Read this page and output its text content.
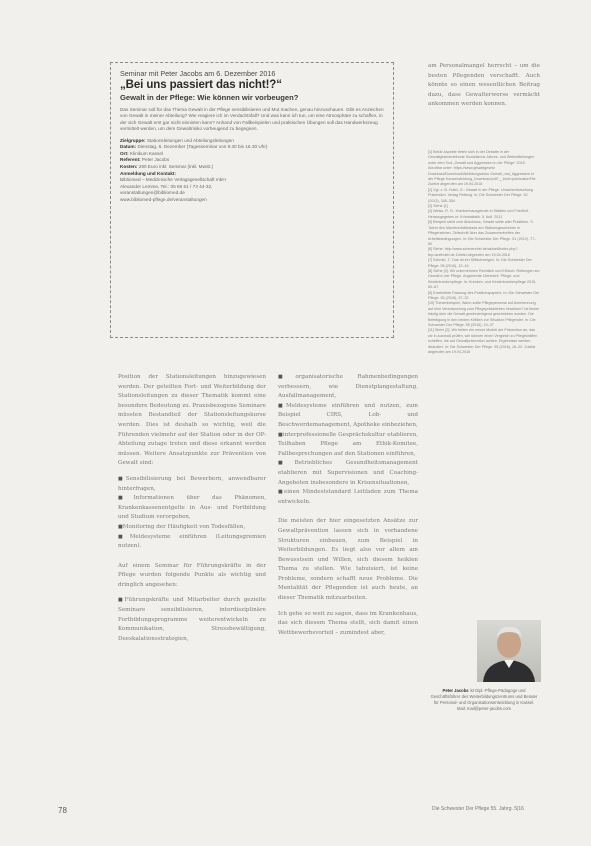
Seminar mit Peter Jacobs am 6. Dezember 2016
„Bei uns passiert das nicht!?“
Gewalt in der Pflege: Wie können wir vorbeugen?
Das Seminar soll für das Thema Gewalt in der Pflege sensibilisieren und Mut machen, genau hinzuschauen. Gibt es Anzeichen von Gewalt in meiner Abteilung? Wie reagiere ich im Verdachtsfall? Und was kann ich tun, um eine Atmosphäre zu schaffen, in der sich Gewalt erst gar nicht einnisten kann? Anhand von Fallbeispielen und praktischen Übungen soll das Handwerkszeug vermittelt werden, um dem Gewaltrisiko vorbeugend zu begegnen.
Zielgruppe: Stationsleitungen und Abteilungsleitungen
Datum: Dienstag, 6. Dezember (Tagesseminar von 9.30 bis 16.30 Uhr)
Ort: Klinikum Kassel
Referent: Peter Jacobs
Kosten: 290 Euro inkl. Seminar (inkl. MwSt.)
Anmeldung und Kontakt:
Bibliomed – Medizinische Verlagsgesellschaft mbH
Alexander Lemme, Tel.: 05 66 61 / 73 44-32,
veranstaltungen@bibliomed.de
www.bibliomed-pflege.de/veranstaltungen

Position der Stationsleitungen hinzugewiesen werden. Der geteilten Fort- und Weiterbildung der Stationsleitungen zu dieser Thematik kommt eine besondere Bedeutung zu. Praxisbezogene Seminare müssten Bestandteil der Stationsleitungskurse werden. Dies ist deshalb so wichtig, weil die Führenden vielmehr auf der Station oder in der OP-Abteilung zutage treten und diese erkannt werden müssen. Weitere Ansatzpunkte zur Prävention von Gewalt sind:

■ Sensibilisierung bei Bewerbern, anwendbarer hinterfragen,

■ Informationen über das Phänomen, Krankenkassenentgelte in Aus- und Fortbildung und Studium verorgeben,

■ Monitoring der Häufigkeit von Todesfällen,

■ Meldesysteme einführen (Leitungsgremien nutzen).

Auf einem Seminar für Führungskräfte in der Pflege wurden folgende Punkte als wichtig und dringlich angesehen:

■ Führungskräfte und Mitarbeiter durch gezielte Seminare sensibilisieren, interdisziplinäre Fortbildungsprogramme weiterentwickeln zu Kommunikation, Stressbewältigung, Deeskalationsstrategien,

■ organisatorische Rahmenbedingungen verbessern, wie Dienstplangestaltung, Ausfallmanagement,

■ Meldesysteme einführen und nutzen, zum Beispiel CIRS, Lob- und Beschwerdemanagement, Apotheke einbeziehen,

■ interprofessionelle Gesprächskultur etablieren, Teilhaben Pflege am Ethik-Komitee, Fallbesprechungen auf den Stationen einführen,

■ Betriebliches Gesundheitsmanagement etablieren mit Supervisionen und Coaching-Angeboten insbesondere in Krisensituationen,

■ einen Mindeststandard Leitfaden zum Thema entwickeln.

Die meisten der hier eingesetzten Ansätze zur Gewaltprävention lassen sich in vorhandene Strukturen einbauen, zum Beispiel in Weiterbildungen. Es liegt also vor allem am Bewusstsein und Willen, sich diesem heiklen Thema zu stellen. Wie tabuisiert, ist keine Probleme, sondern schafft neue Probleme. Die Mentalität der Pflegenden ist auch heute, an dieser Thematik mitzuarbeiten.

Ich gehe so weit zu sagen, dass im Krankenhaus, das sich diesem Thema stellt, sich damit einen Wettbewerbsvorteil – zumindest aber,

am Personalmangel herrscht – um die besten Pflegenden verschafft. Auch könnte so einen wesentlichen Beitrag dazu, dass Gewalterwerse vermächt ankommen werden konnen.

[1] Beide Aspekte treten sich in der Debatte in der Gewaltgesetzmethode Sozialismus Jahres- und Weltmitteilungen unter dem Tool „Gewalt und Aggression in der Pflege“ 2015. Abrufbar unter: https://www.gewaltgesetz Download/Download/Abbildungsdoku Gewalt_und_Aggression in der Pflege Konsensbildung_Download.pdf?__blob=publicationFile
Zuletzt abgerufen am 19.04.2016
[2] Vgl. z. B. Hubri, G.: Gewalt in der Pflege. Ursachenforschung Prävention. Verlag Rettung. In: Die Schwester Der Pflege. 52 (2013), 345–354
[3] Siehe [1]
[4] Weiss, R. H.: Krankenhausgebote in Städten und Friedhof. Herausgegeben in: Kriminalistik. 5. Aufl. 2011
[5] Beispiel steht zum Abschluss, Gewalt sollte aller Praktiken. S. Talent des Machtverhältnisses am Stationsgeschehen in Pflegeheimen. Zeitschrift über das Zusammentreffen der Arbeitsbedingungen. In: Die Schwester Der Pflege. 51 (2012), 77–80
[6] Siehe: http://www.schmerzfrei.de/aktuell/index.php?tbp=arzthotel.de Zuletzt abgerufen am 19.04.2016
[7] Schmid, T.: Das ist ein Stillschweigen. In: Die Schwester Der Pflege. 55 (2016), 12–16
[8] Siehe [4]. Wir unternehmen Rechtlich und Ethisch. Rettungen zur Gewalt in der Pflege. Angehende Übersicht. Pflege- und Kinderkrankenpflege. In: Kranken- und Kinderkrankenpflege 2015, 60–67
[9] Erarbeitete Fassung des Positionspapiers. In: Die Schwester Der Pflege. 55 (2016), 27–32
[10] Thesenbeispiel, Wann sollte Pflegepersonal auf Anerkennung auf eine Verantwortung zum Pflegepräsidenten hinwirken? Ist bisher häufig über die Gewalt gewinnbringend geschrieben worden. Die Beteiligung in den beiden Kritiken zur Situation Pflegender. In: Die Schwester Der Pflege. 55 (2016), 24–27
[11] Siehe [2]. Wir bieten ein neues Modell der Prävention an, das wir in Ausmaß prüfen, wie können einen Vergleich zu Pflegekräften schaffen, die auf Gewaltprävention achten. Ergebnisse werden diskutiert. In: Die Schwester Der Pflege. 55 (2016), 16–20. Zuletzt abgerufen am 19.04.2016
Peter Jacobs ist Dipl.-Pflege-Pädagoge und Geschäftsführer des Weiterbildungszentrums und Berater für Personal- und Organisationsentwicklung in Kassel.
Mail: mail@peter-jacobs.com
78	Die Schwester Der Pflege 55. Jahrg. 5|16
